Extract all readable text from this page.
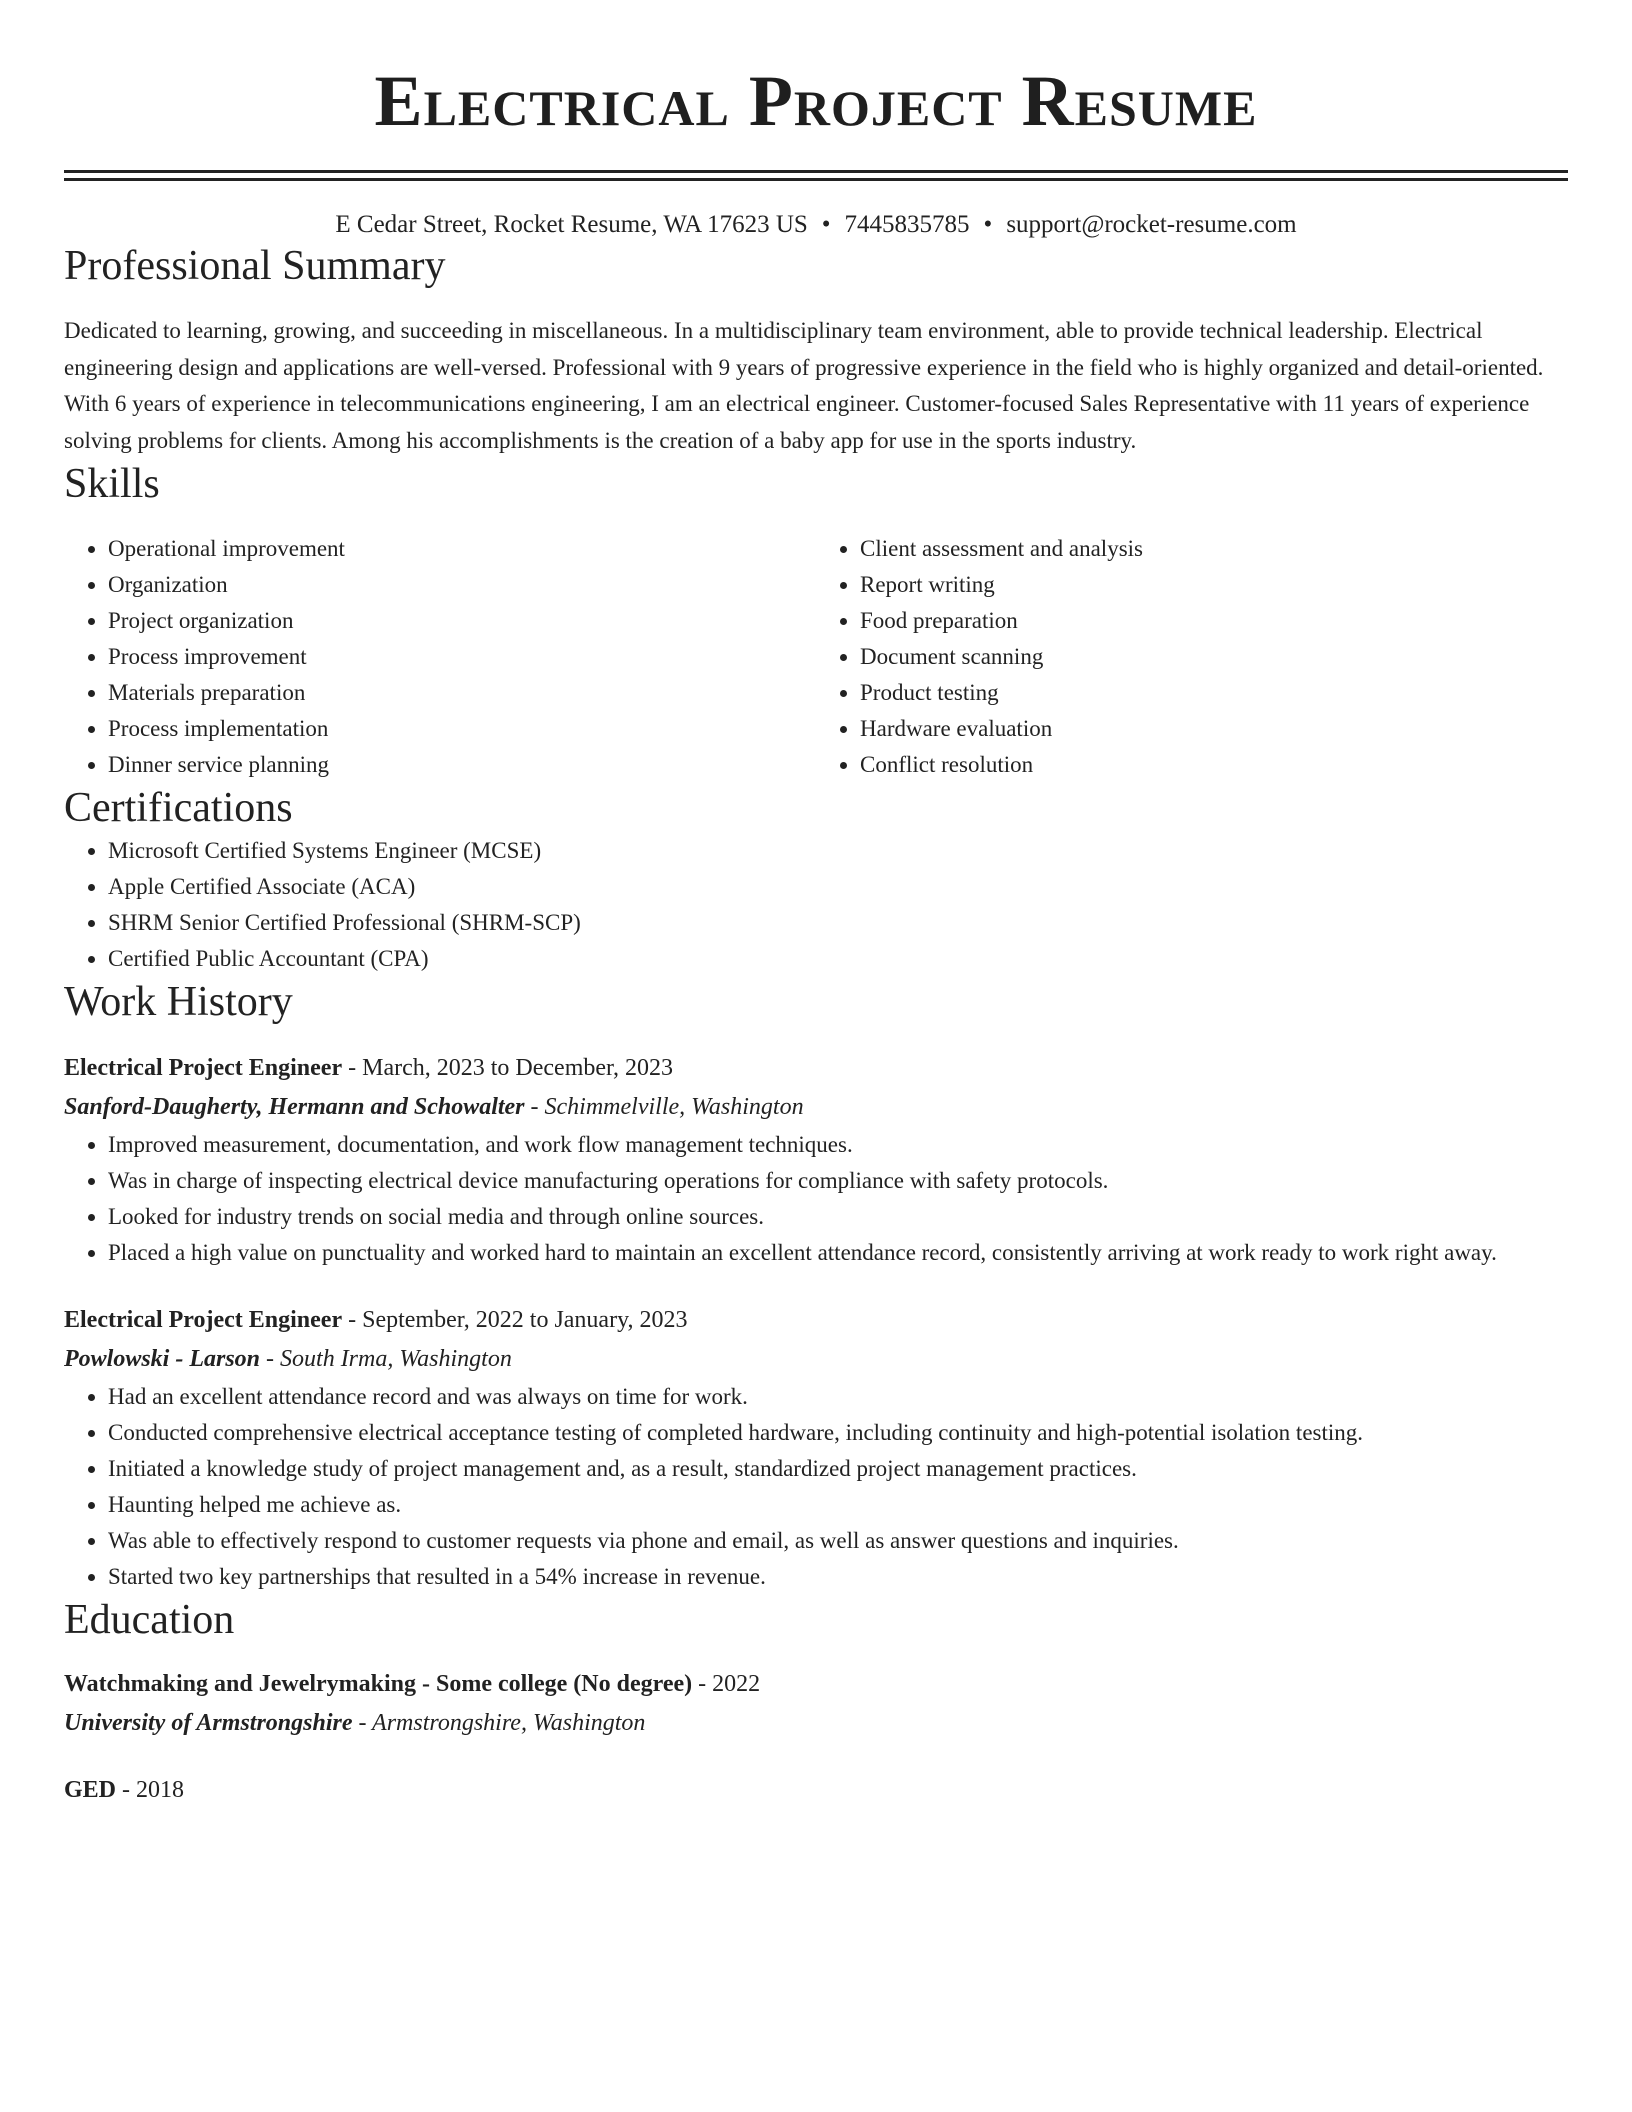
Electrical Project Resume
E Cedar Street, Rocket Resume, WA 17623 US • 7445835785 • support@rocket-resume.com
Professional Summary
Dedicated to learning, growing, and succeeding in miscellaneous. In a multidisciplinary team environment, able to provide technical leadership. Electrical engineering design and applications are well-versed. Professional with 9 years of progressive experience in the field who is highly organized and detail-oriented. With 6 years of experience in telecommunications engineering, I am an electrical engineer. Customer-focused Sales Representative with 11 years of experience solving problems for clients. Among his accomplishments is the creation of a baby app for use in the sports industry.
Skills
• Operational improvement
• Organization
• Project organization
• Process improvement
• Materials preparation
• Process implementation
• Dinner service planning
• Client assessment and analysis
• Report writing
• Food preparation
• Document scanning
• Product testing
• Hardware evaluation
• Conflict resolution
Certifications
• Microsoft Certified Systems Engineer (MCSE)
• Apple Certified Associate (ACA)
• SHRM Senior Certified Professional (SHRM-SCP)
• Certified Public Accountant (CPA)
Work History
Electrical Project Engineer - March, 2023 to December, 2023
Sanford-Daugherty, Hermann and Schowalter - Schimmelville, Washington
• Improved measurement, documentation, and work flow management techniques.
• Was in charge of inspecting electrical device manufacturing operations for compliance with safety protocols.
• Looked for industry trends on social media and through online sources.
• Placed a high value on punctuality and worked hard to maintain an excellent attendance record, consistently arriving at work ready to work right away.
Electrical Project Engineer - September, 2022 to January, 2023
Powlowski - Larson - South Irma, Washington
• Had an excellent attendance record and was always on time for work.
• Conducted comprehensive electrical acceptance testing of completed hardware, including continuity and high-potential isolation testing.
• Initiated a knowledge study of project management and, as a result, standardized project management practices.
• Haunting helped me achieve as.
• Was able to effectively respond to customer requests via phone and email, as well as answer questions and inquiries.
• Started two key partnerships that resulted in a 54% increase in revenue.
Education
Watchmaking and Jewelrymaking - Some college (No degree) - 2022
University of Armstrongshire - Armstrongshire, Washington
GED - 2018
